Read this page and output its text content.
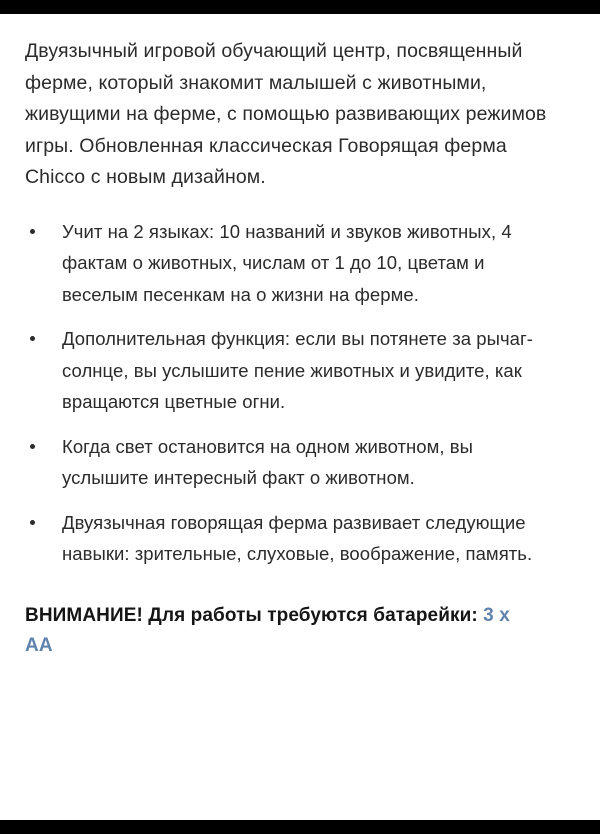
Двуязычный игровой обучающий центр, посвященный ферме, который знакомит малышей с животными, живущими на ферме, с помощью развивающих режимов игры. Обновленная классическая Говорящая ферма Chicco с новым дизайном.

Учит на 2 языках: 10 названий и звуков животных, 4 фактам о животных, числам от 1 до 10, цветам и веселым песенкам на о жизни на ферме.
Дополнительная функция: если вы потянете за рычаг-солнце, вы услышите пение животных и увидите, как вращаются цветные огни.
Когда свет остановится на одном животном, вы услышите интересный факт о животном.
Двуязычная говорящая ферма развивает следующие навыки: зрительные, слуховые, воображение, память.

ВНИМАНИЕ! Для работы требуются батарейки: 3 x AA

Avito
